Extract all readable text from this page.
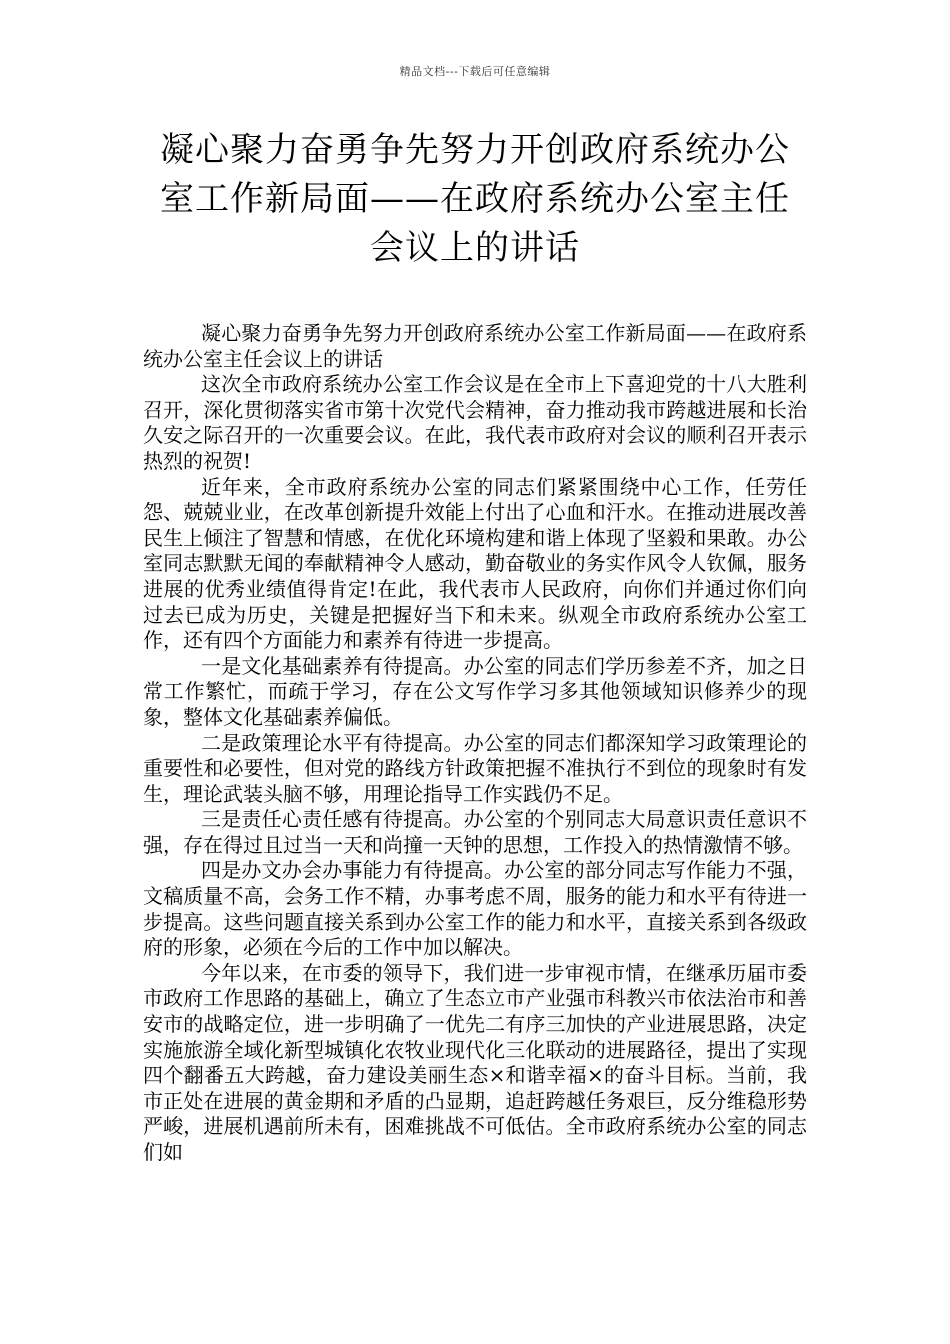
精品文档---下载后可任意编辑
凝心聚力奋勇争先努力开创政府系统办公室工作新局面——在政府系统办公室主任会议上的讲话

凝心聚力奋勇争先努力开创政府系统办公室工作新局面——在政府系统办公室主任会议上的讲话

这次全市政府系统办公室工作会议是在全市上下喜迎党的十八大胜利召开，深化贯彻落实省市第十次党代会精神，奋力推动我市跨越进展和长治久安之际召开的一次重要会议。在此，我代表市政府对会议的顺利召开表示热烈的祝贺!

近年来，全市政府系统办公室的同志们紧紧围绕中心工作，任劳任怨、兢兢业业，在改革创新提升效能上付出了心血和汗水。在推动进展改善民生上倾注了智慧和情感，在优化环境构建和谐上体现了坚毅和果敢。办公室同志默默无闻的奉献精神令人感动，勤奋敬业的务实作风令人钦佩，服务进展的优秀业绩值得肯定!在此，我代表市人民政府，向你们并通过你们向过去已成为历史，关键是把握好当下和未来。纵观全市政府系统办公室工作，还有四个方面能力和素养有待进一步提高。

一是文化基础素养有待提高。办公室的同志们学历参差不齐，加之日常工作繁忙，而疏于学习，存在公文写作学习多其他领域知识修养少的现象，整体文化基础素养偏低。

二是政策理论水平有待提高。办公室的同志们都深知学习政策理论的重要性和必要性，但对党的路线方针政策把握不准执行不到位的现象时有发生，理论武装头脑不够，用理论指导工作实践仍不足。

三是责任心责任感有待提高。办公室的个别同志大局意识责任意识不强，存在得过且过当一天和尚撞一天钟的思想，工作投入的热情激情不够。

四是办文办会办事能力有待提高。办公室的部分同志写作能力不强，文稿质量不高，会务工作不精，办事考虑不周，服务的能力和水平有待进一步提高。这些问题直接关系到办公室工作的能力和水平，直接关系到各级政府的形象，必须在今后的工作中加以解决。

今年以来，在市委的领导下，我们进一步审视市情，在继承历届市委市政府工作思路的基础上，确立了生态立市产业强市科教兴市依法治市和善安市的战略定位，进一步明确了一优先二有序三加快的产业进展思路，决定实施旅游全域化新型城镇化农牧业现代化三化联动的进展路径，提出了实现四个翻番五大跨越，奋力建设美丽生态×和谐幸福×的奋斗目标。当前，我市正处在进展的黄金期和矛盾的凸显期，追赶跨越任务艰巨，反分维稳形势严峻，进展机遇前所未有，困难挑战不可低估。全市政府系统办公室的同志们如
